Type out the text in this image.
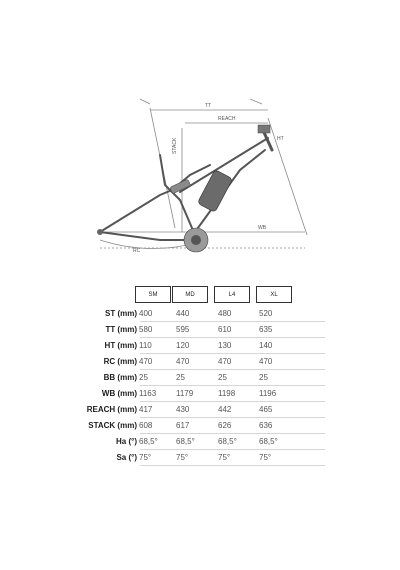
TT
REACH
STACK
WB
RC
HT
SM	MD	L4	XL
ST (mm) 400	440	480	520
TT (mm) 580	595	610	635
HT (mm) 110	120	130	140
RC (mm) 470	470	470	470
BB (mm) 25	25	25	25
WB (mm) 1163 1179	1198	1196
REACH (mm) 417	430	442	465
STACK (mm) 608	617	626	636
Ha (°) 68,5° 68,5°	68,5°	68,5°
Sa (°) 75°	75°	75°	75°
